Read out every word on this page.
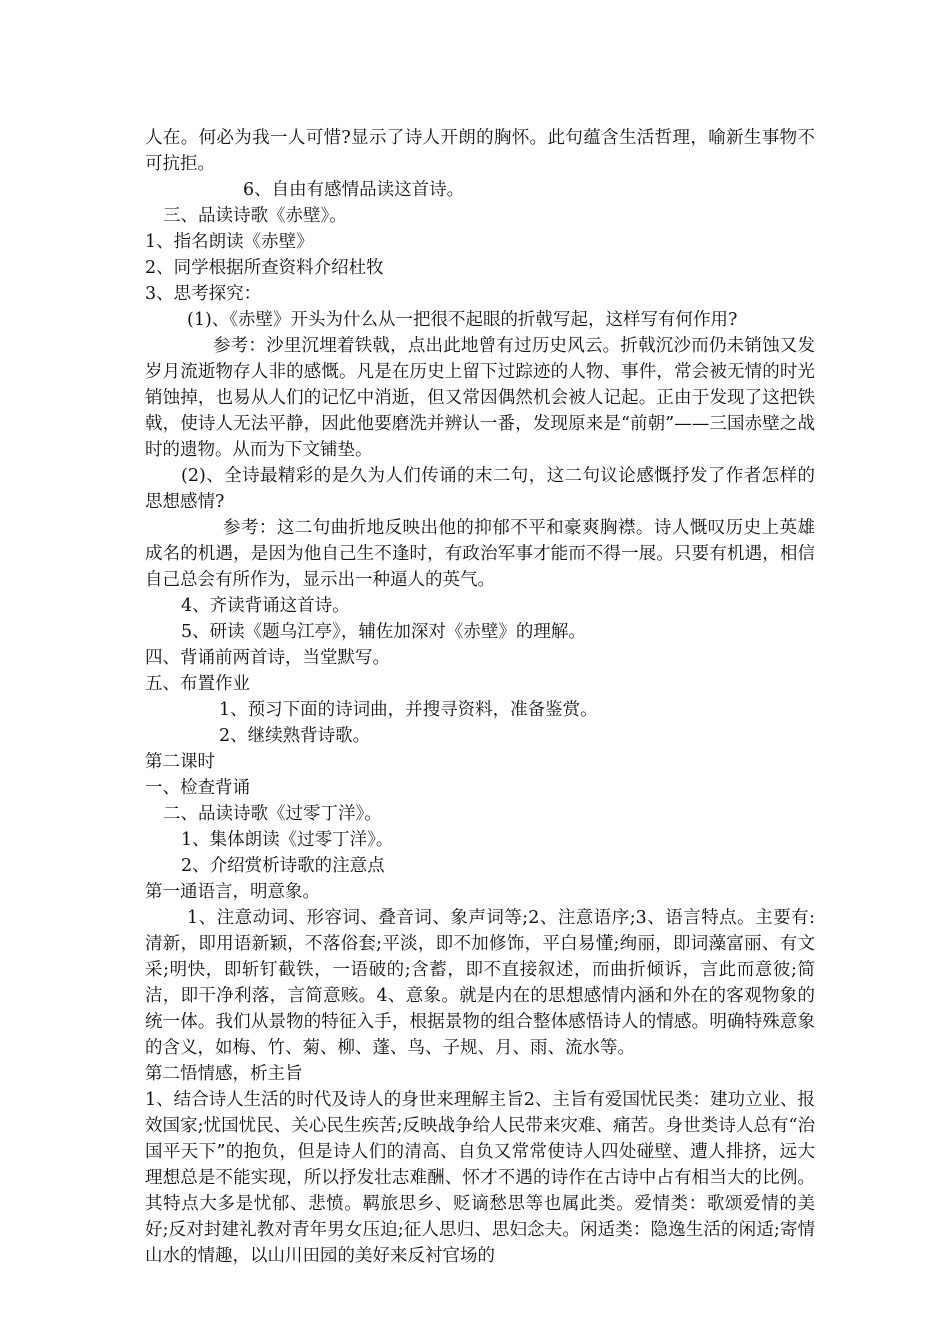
人在。何必为我一人可惜?显示了诗人开朗的胸怀。此句蕴含生活哲理，喻新生事物不可抗拒。

6、自由有感情品读这首诗。

三、品读诗歌《赤壁》。

1、指名朗读《赤壁》

2、同学根据所查资料介绍杜牧

3、思考探究：

(1)、《赤壁》开头为什么从一把很不起眼的折戟写起，这样写有何作用?

参考：沙里沉埋着铁戟，点出此地曾有过历史风云。折戟沉沙而仍未销蚀又发岁月流逝物存人非的感慨。凡是在历史上留下过踪迹的人物、事件，常会被无情的时光销蚀掉，也易从人们的记忆中消逝，但又常因偶然机会被人记起。正由于发现了这把铁戟，使诗人无法平静，因此他要磨洗并辨认一番，发现原来是“前朝”——三国赤壁之战时的遗物。从而为下文铺垫。

(2)、全诗最精彩的是久为人们传诵的末二句，这二句议论感慨抒发了作者怎样的思想感情?

参考：这二句曲折地反映出他的抑郁不平和豪爽胸襟。诗人慨叹历史上英雄成名的机遇，是因为他自己生不逢时，有政治军事才能而不得一展。只要有机遇，相信自己总会有所作为，显示出一种逼人的英气。

4、齐读背诵这首诗。

5、研读《题乌江亭》，辅佐加深对《赤壁》的理解。

四、背诵前两首诗，当堂默写。

五、布置作业

1、预习下面的诗词曲，并搜寻资料，准备鉴赏。

2、继续熟背诗歌。

第二课时

一、检查背诵

二、品读诗歌《过零丁洋》。

1、集体朗读《过零丁洋》。

2、介绍赏析诗歌的注意点

第一通语言，明意象。

1、注意动词、形容词、叠音词、象声词等;2、注意语序;3、语言特点。主要有:清新，即用语新颖，不落俗套;平淡，即不加修饰，平白易懂;绚丽，即词藻富丽、有文采;明快，即斩钉截铁，一语破的;含蓄，即不直接叙述，而曲折倾诉，言此而意彼;简洁，即干净利落，言简意赅。4、意象。就是内在的思想感情内涵和外在的客观物象的统一体。我们从景物的特征入手，根据景物的组合整体感悟诗人的情感。明确特殊意象的含义，如梅、竹、菊、柳、蓬、鸟、子规、月、雨、流水等。

第二悟情感，析主旨

1、结合诗人生活的时代及诗人的身世来理解主旨2、主旨有爱国忧民类：建功立业、报效国家;忧国忧民、关心民生疾苦;反映战争给人民带来灾难、痛苦。身世类诗人总有“治国平天下”的抱负，但是诗人们的清高、自负又常常使诗人四处碰壁、遭人排挤，远大理想总是不能实现，所以抒发壮志难酬、怀才不遇的诗作在古诗中占有相当大的比例。其特点大多是忧郁、悲愤。羁旅思乡、贬谪愁思等也属此类。爱情类：歌颂爱情的美好;反对封建礼教对青年男女压迫;征人思归、思妇念夫。闲适类：隐逸生活的闲适;寄情山水的情趣，以山川田园的美好来反衬官场的
